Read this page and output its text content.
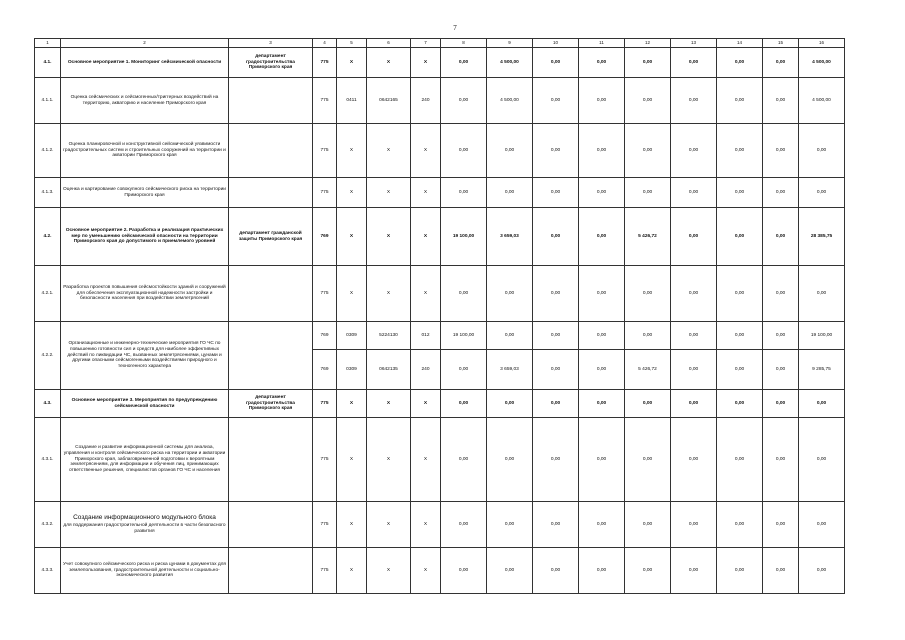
7
1	2	3	4	5	6	7	8	9	10	11	12	13	14	15	16
4.1.	Основное мероприятие 1. Мониторинг сейсмической опасности	департамент градостроительства Приморского края	775	X	X	X	0,00	4 500,00	0,00	0,00	0,00	0,00	0,00	0,00	4 500,00
4.1.1.	Оценка сейсмических и сейсмогенных/триггерных воздействий на территорию, акваторию и население Приморского края		775	0411	0642165	240	0,00	4 500,00	0,00	0,00	0,00	0,00	0,00	0,00	4 500,00
4.1.2.	Оценка планировочной и конструктивной сейсмической уязвимости градостроительных систем и строительных сооружений на территории и акватории Приморского края		775	X	X	X	0,00	0,00	0,00	0,00	0,00	0,00	0,00	0,00	0,00
4.1.3.	Оценка и картирование совокупного сейсмического риска на территории Приморского края		775	X	X	X	0,00	0,00	0,00	0,00	0,00	0,00	0,00	0,00	0,00
4.2.	Основное мероприятие 2. Разработка и реализация практических мер по уменьшению сейсмической опасности на территории Приморского края до допустимого и приемлемого уровней	департамент гражданской защиты Приморского края	769	X	X	X	19 100,00	3 659,03	0,00	0,00	5 426,72	0,00	0,00	0,00	28 385,75
4.2.1.	Разработка проектов повышения сейсмостойкости зданий и сооружений для обеспечения эксплуатационной надежности застройки и безопасности населения при воздействии землетрясений		775	X	X	X	0,00	0,00	0,00	0,00	0,00	0,00	0,00	0,00	0,00
4.2.2.	Организационные и инженерно-технические мероприятия ГО ЧС по повышению готовности сил и средств для наиболее эффективных действий по ликвидации ЧС, вызванных землетрясениями, цунами и другими опасными сейсмогенными воздействиями природного и техногенного характера		769	0309	5224130	012	19 100,00	0,00	0,00	0,00	0,00	0,00	0,00	0,00	19 100,00
			769	0309	0642135	240	0,00	3 659,03	0,00	0,00	5 426,72	0,00	0,00	0,00	9 285,75
4.3.	Основное мероприятие 3. Мероприятия по предупреждению сейсмической опасности	департамент градостроительства Приморского края	775	X	X	X	0,00	0,00	0,00	0,00	0,00	0,00	0,00	0,00	0,00
4.3.1.	Создание и развитие информационной системы для анализа, управления и контроля сейсмического риска на территории и акватории Приморского края, заблаговременной подготовки к вероятным землетрясениям, для информации и обучения лиц, принимающих ответственные решения, специалистов органов ГО ЧС и населения		775	X	X	X	0,00	0,00	0,00	0,00	0,00	0,00	0,00	0,00	0,00
4.3.2.	Создание информационного модульного блока
для поддержания градостроительной деятельности в части безопасного развития		775	X	X	X	0,00	0,00	0,00	0,00	0,00	0,00	0,00	0,00	0,00
4.3.3.	Учет совокупного сейсмического риска и риска цунами в документах для землепользования, градостроительной деятельности и социально-экономического развития		775	X	X	X	0,00	0,00	0,00	0,00	0,00	0,00	0,00	0,00	0,00
